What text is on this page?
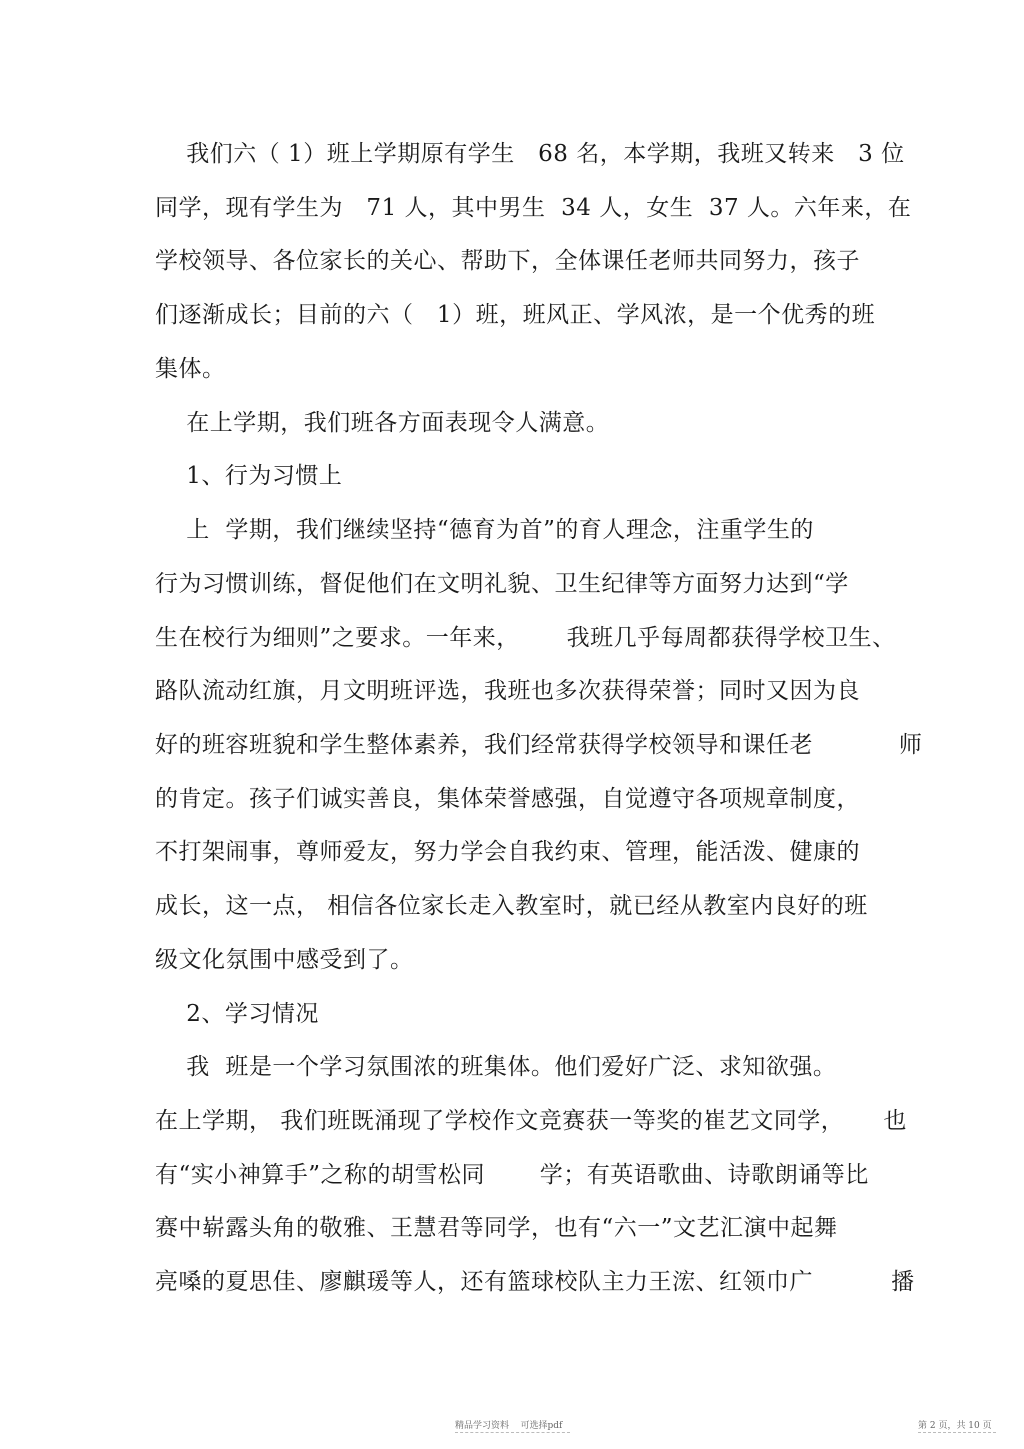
我们六（ 1）班上学期原有学生   68 名，本学期，我班又转来   3 位
同学，现有学生为   71 人，其中男生  34 人，女生  37 人。六年来，在
学校领导、各位家长的关心、帮助下，全体课任老师共同努力，孩子
们逐渐成长；目前的六（   1）班，班风正、学风浓，是一个优秀的班
集体。
在上学期，我们班各方面表现令人满意。
1、行为习惯上
上  学期，我们继续坚持“德育为首”的育人理念，注重学生的
行为习惯训练，督促他们在文明礼貌、卫生纪律等方面努力达到“学
生在校行为细则”之要求。一年来，      我班几乎每周都获得学校卫生、
路队流动红旗，月文明班评选，我班也多次获得荣誉；同时又因为良
好的班容班貌和学生整体素养，我们经常获得学校领导和课任老           师
的肯定。孩子们诚实善良，集体荣誉感强，自觉遵守各项规章制度，
不打架闹事，尊师爱友，努力学会自我约束、管理，能活泼、健康的
成长，这一点， 相信各位家长走入教室时，就已经从教室内良好的班
级文化氛围中感受到了。
2、学习情况
我  班是一个学习氛围浓的班集体。他们爱好广泛、求知欲强。
在上学期， 我们班既涌现了学校作文竞赛获一等奖的崔艺文同学，     也
有“实小神算手”之称的胡雪松同       学；有英语歌曲、诗歌朗诵等比
赛中崭露头角的敬雅、王慧君等同学，也有“六一”文艺汇演中起舞
亮嗓的夏思佳、廖麒瑗等人，还有篮球校队主力王浤、红领巾广          播
精品学习资料    可选择pdf	第 2 页，共 10 页
